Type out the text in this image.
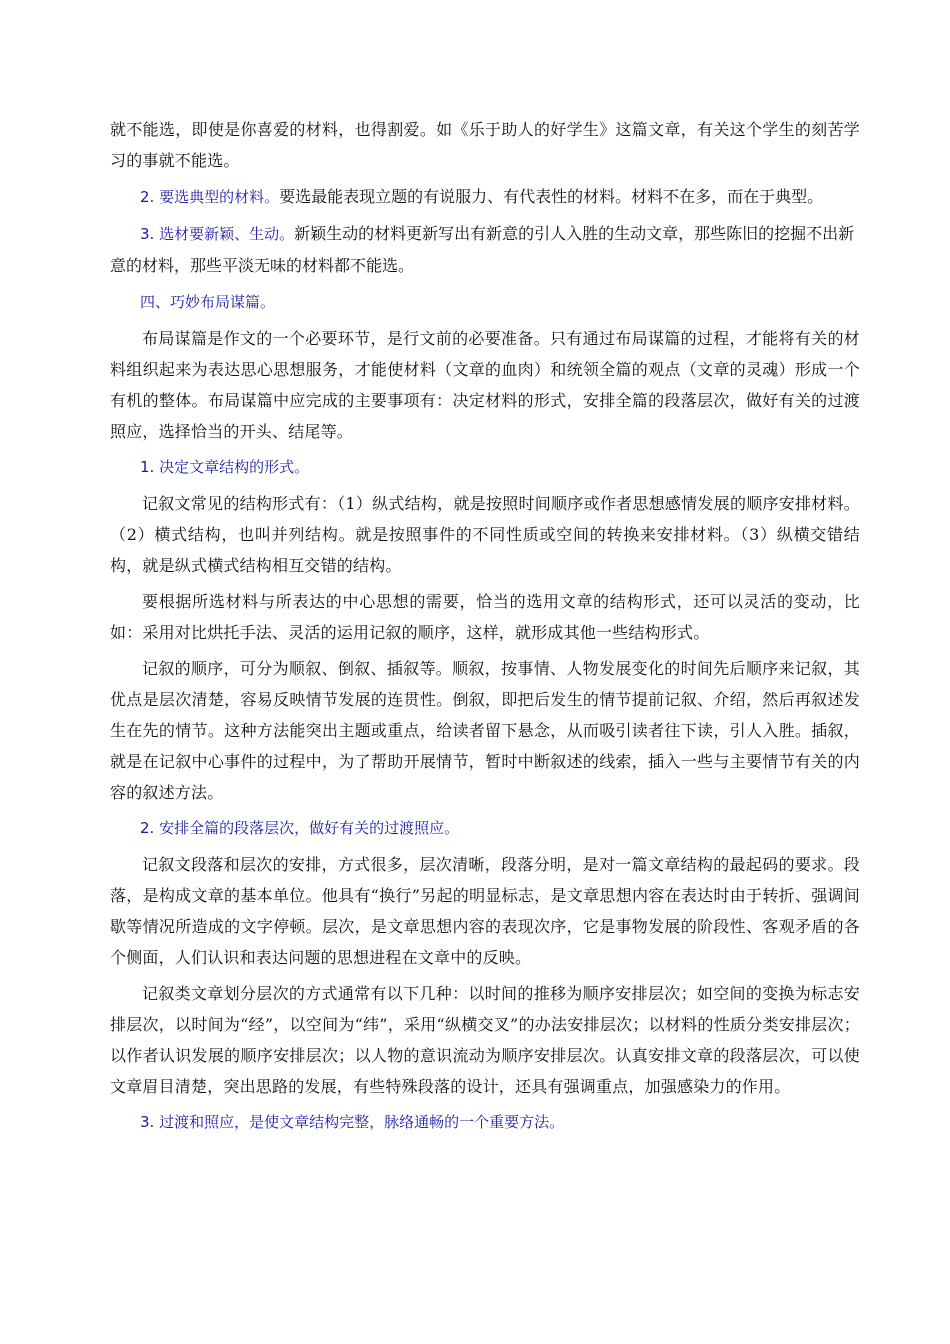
就不能选，即使是你喜爱的材料，也得割爱。如《乐于助人的好学生》这篇文章，有关这个学生的刻苦学习的事就不能选。

2. 要选典型的材料。要选最能表现立题的有说服力、有代表性的材料。材料不在多，而在于典型。

3. 选材要新颖、生动。新颖生动的材料更新写出有新意的引人入胜的生动文章，那些陈旧的挖掘不出新意的材料，那些平淡无味的材料都不能选。

四、巧妙布局谋篇。

布局谋篇是作文的一个必要环节，是行文前的必要准备。只有通过布局谋篇的过程，才能将有关的材料组织起来为表达思心思想服务，才能使材料（文章的血肉）和统领全篇的观点（文章的灵魂）形成一个有机的整体。布局谋篇中应完成的主要事项有：决定材料的形式，安排全篇的段落层次，做好有关的过渡照应，选择恰当的开头、结尾等。

1. 决定文章结构的形式。

记叙文常见的结构形式有：（1）纵式结构，就是按照时间顺序或作者思想感情发展的顺序安排材料。（2）横式结构，也叫并列结构。就是按照事件的不同性质或空间的转换来安排材料。（3）纵横交错结构，就是纵式横式结构相互交错的结构。

要根据所选材料与所表达的中心思想的需要，恰当的选用文章的结构形式，还可以灵活的变动，比如：采用对比烘托手法、灵活的运用记叙的顺序，这样，就形成其他一些结构形式。

记叙的顺序，可分为顺叙、倒叙、插叙等。顺叙，按事情、人物发展变化的时间先后顺序来记叙，其优点是层次清楚，容易反映情节发展的连贯性。倒叙，即把后发生的情节提前记叙、介绍，然后再叙述发生在先的情节。这种方法能突出主题或重点，给读者留下悬念，从而吸引读者往下读，引人入胜。插叙，就是在记叙中心事件的过程中，为了帮助开展情节，暂时中断叙述的线索，插入一些与主要情节有关的内容的叙述方法。

2. 安排全篇的段落层次，做好有关的过渡照应。

记叙文段落和层次的安排，方式很多，层次清晰，段落分明，是对一篇文章结构的最起码的要求。段落，是构成文章的基本单位。他具有“换行”另起的明显标志，是文章思想内容在表达时由于转折、强调间歇等情况所造成的文字停顿。层次，是文章思想内容的表现次序，它是事物发展的阶段性、客观矛盾的各个侧面，人们认识和表达问题的思想进程在文章中的反映。

记叙类文章划分层次的方式通常有以下几种：以时间的推移为顺序安排层次；如空间的变换为标志安排层次，以时间为“经”，以空间为“纬”，采用“纵横交叉”的办法安排层次；以材料的性质分类安排层次；以作者认识发展的顺序安排层次；以人物的意识流动为顺序安排层次。认真安排文章的段落层次，可以使文章眉目清楚，突出思路的发展，有些特殊段落的设计，还具有强调重点，加强感染力的作用。

3. 过渡和照应，是使文章结构完整，脉络通畅的一个重要方法。
